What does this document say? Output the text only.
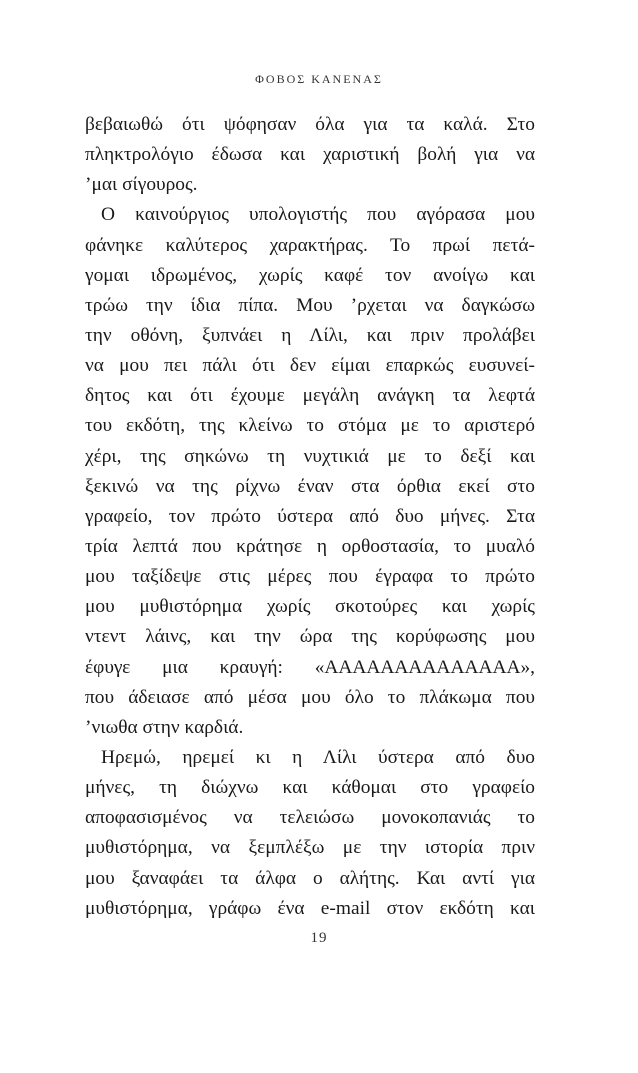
ΦΟΒΟΣ ΚΑΝΕΝΑΣ
βεβαιωθώ ότι ψόφησαν όλα για τα καλά. Στο
πληκτρολόγιο έδωσα και χαριστική βολή για να
’μαι σίγουρος.
Ο καινούργιος υπολογιστής που αγόρασα μου
φάνηκε καλύτερος χαρακτήρας. Το πρωί πετά-
γομαι ιδρωμένος, χωρίς καφέ τον ανοίγω και
τρώω την ίδια πίπα. Μου ’ρχεται να δαγκώσω
την οθόνη, ξυπνάει η Λίλι, και πριν προλάβει
να μου πει πάλι ότι δεν είμαι επαρκώς ευσυνεί-
δητος και ότι έχουμε μεγάλη ανάγκη τα λεφτά
του εκδότη, της κλείνω το στόμα με το αριστερό
χέρι, της σηκώνω τη νυχτικιά με το δεξί και
ξεκινώ να της ρίχνω έναν στα όρθια εκεί στο
γραφείο, τον πρώτο ύστερα από δυο μήνες. Στα
τρία λεπτά που κράτησε η ορθοστασία, το μυαλό
μου ταξίδεψε στις μέρες που έγραφα το πρώτο
μου μυθιστόρημα χωρίς σκοτούρες και χωρίς
ντεντ λάινς, και την ώρα της κορύφωσης μου
έφυγε μια κραυγή: «ΑΑΑΑΑΑΑΑΑΑΑΑΑΑ»,
που άδειασε από μέσα μου όλο το πλάκωμα που
’νιωθα στην καρδιά.
Ηρεμώ, ηρεμεί κι η Λίλι ύστερα από δυο
μήνες, τη διώχνω και κάθομαι στο γραφείο
αποφασισμένος να τελειώσω μονοκοπανιάς το
μυθιστόρημα, να ξεμπλέξω με την ιστορία πριν
μου ξαναφάει τα άλφα ο αλήτης. Και αντί για
μυθιστόρημα, γράφω ένα e-mail στον εκδότη και
19
